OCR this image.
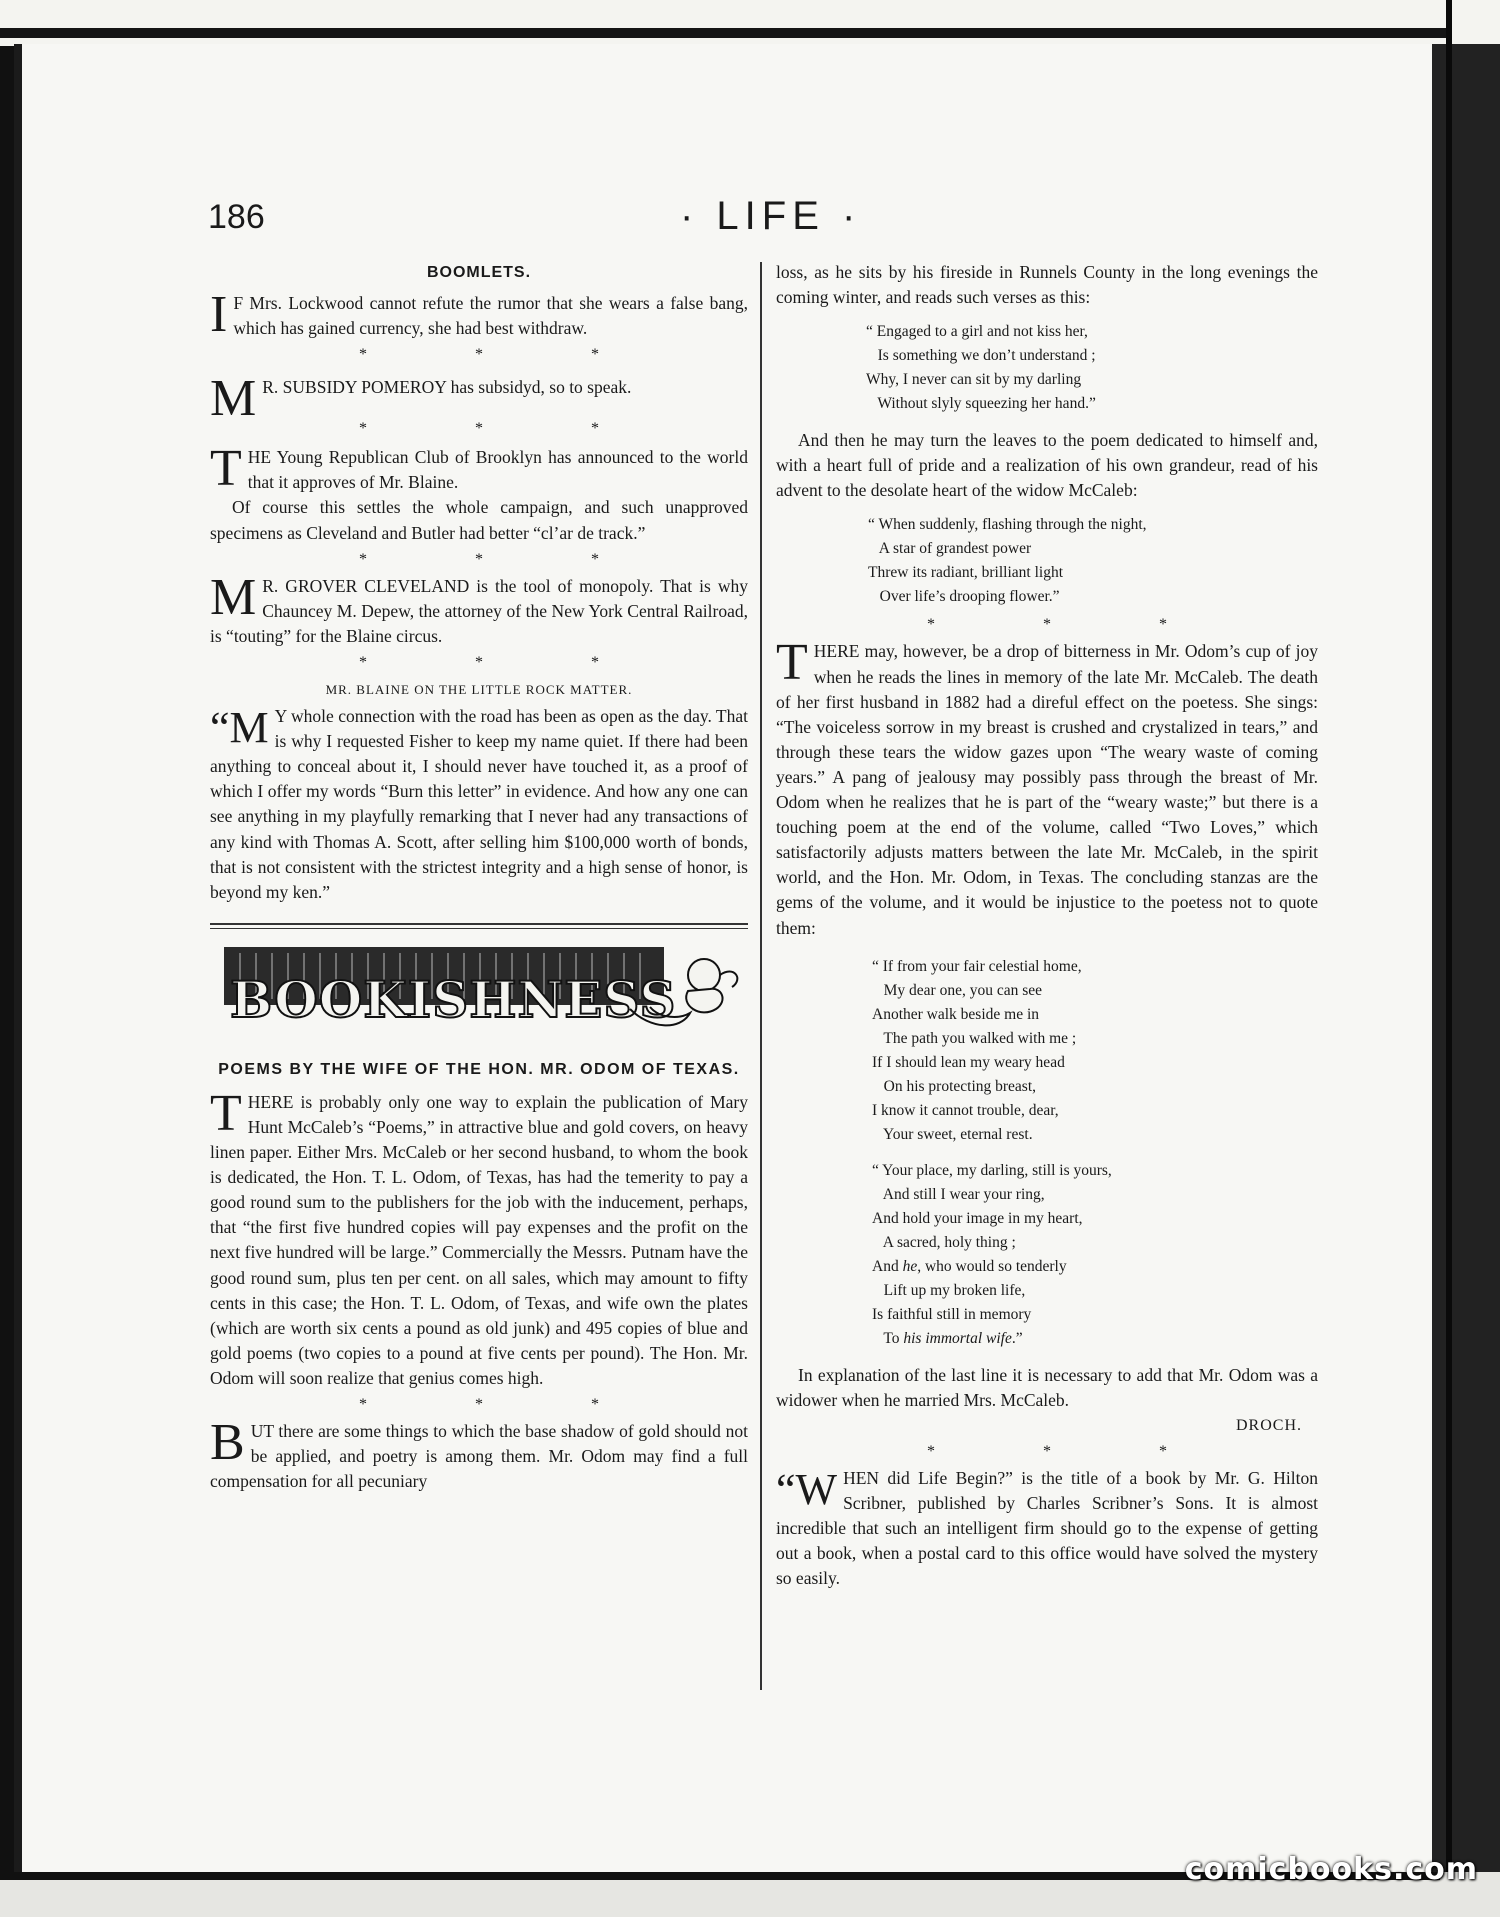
186	· LIFE ·
BOOMLETS.

I F Mrs. Lockwood cannot refute the rumor that she wears a false bang, which has gained currency, she had best withdraw.

* * *

M R. SUBSIDY POMEROY has subsidyd, so to speak.

* * *

THE Young Republican Club of Brooklyn has announced to the world that it approves of Mr. Blaine.

Of course this settles the whole campaign, and such unapproved specimens as Cleveland and Butler had better “cl’ar de track.”

* * *

M R. GROVER CLEVELAND is the tool of monopoly. That is why Chauncey M. Depew, the attorney of the New York Central Railroad, is “touting” for the Blaine circus.

* * *
MR. BLAINE ON THE LITTLE ROCK MATTER.

“M Y whole connection with the road has been as open as the day. That is why I requested Fisher to keep my name quiet. If there had been anything to conceal about it, I should never have touched it, as a proof of which I offer my words “Burn this letter” in evidence. And how any one can see anything in my playfully remarking that I never had any transactions of any kind with Thomas A. Scott, after selling him $100,000 worth of bonds, that is not consistent with the strictest integrity and a high sense of honor, is beyond my ken.”

BOOKISHNESS
POEMS BY THE WIFE OF THE HON. MR. ODOM OF TEXAS.

THERE is probably only one way to explain the publication of Mary Hunt McCaleb’s “Poems,” in attractive blue and gold covers, on heavy linen paper. Either Mrs. McCaleb or her second husband, to whom the book is dedicated, the Hon. T. L. Odom, of Texas, has had the temerity to pay a good round sum to the publishers for the job with the inducement, perhaps, that “the first five hundred copies will pay expenses and the profit on the next five hundred will be large.” Commercially the Messrs. Putnam have the good round sum, plus ten per cent. on all sales, which may amount to fifty cents in this case; the Hon. T. L. Odom, of Texas, and wife own the plates (which are worth six cents a pound as old junk) and 495 copies of blue and gold poems (two copies to a pound at five cents per pound). The Hon. Mr. Odom will soon realize that genius comes high.

* * *

BUT there are some things to which the base shadow of gold should not be applied, and poetry is among them. Mr. Odom may find a full compensation for all pecuniary

loss, as he sits by his fireside in Runnels County in the long evenings the coming winter, and reads such verses as this:

“ Engaged to a girl and not kiss her,
Is something we don’t understand ;
Why, I never can sit by my darling
Without slyly squeezing her hand.”

And then he may turn the leaves to the poem dedicated to himself and, with a heart full of pride and a realization of his own grandeur, read of his advent to the desolate heart of the widow McCaleb:

“ When suddenly, flashing through the night,
A star of grandest power
Threw its radiant, brilliant light
Over life’s drooping flower.”
* * *

THERE may, however, be a drop of bitterness in Mr. Odom’s cup of joy when he reads the lines in memory of the late Mr. McCaleb. The death of her first husband in 1882 had a direful effect on the poetess. She sings: “The voiceless sorrow in my breast is crushed and crystalized in tears,” and through these tears the widow gazes upon “The weary waste of coming years.” A pang of jealousy may possibly pass through the breast of Mr. Odom when he realizes that he is part of the “weary waste;” but there is a touching poem at the end of the volume, called “Two Loves,” which satisfactorily adjusts matters between the late Mr. McCaleb, in the spirit world, and the Hon. Mr. Odom, in Texas. The concluding stanzas are the gems of the volume, and it would be injustice to the poetess not to quote them:

“ If from your fair celestial home,
My dear one, you can see
Another walk beside me in
The path you walked with me ;
If I should lean my weary head
On his protecting breast,
I know it cannot trouble, dear,
Your sweet, eternal rest.
“ Your place, my darling, still is yours,
And still I wear your ring,
And hold your image in my heart,
A sacred, holy thing ;
And he, who would so tenderly
Lift up my broken life,
Is faithful still in memory
To his immortal wife.”

In explanation of the last line it is necessary to add that Mr. Odom was a widower when he married Mrs. McCaleb.

DROCH.
* * *

“WHEN did Life Begin?” is the title of a book by Mr. G. Hilton Scribner, published by Charles Scribner’s Sons. It is almost incredible that such an intelligent firm should go to the expense of getting out a book, when a postal card to this office would have solved the mystery so easily.

comicbooks.com
